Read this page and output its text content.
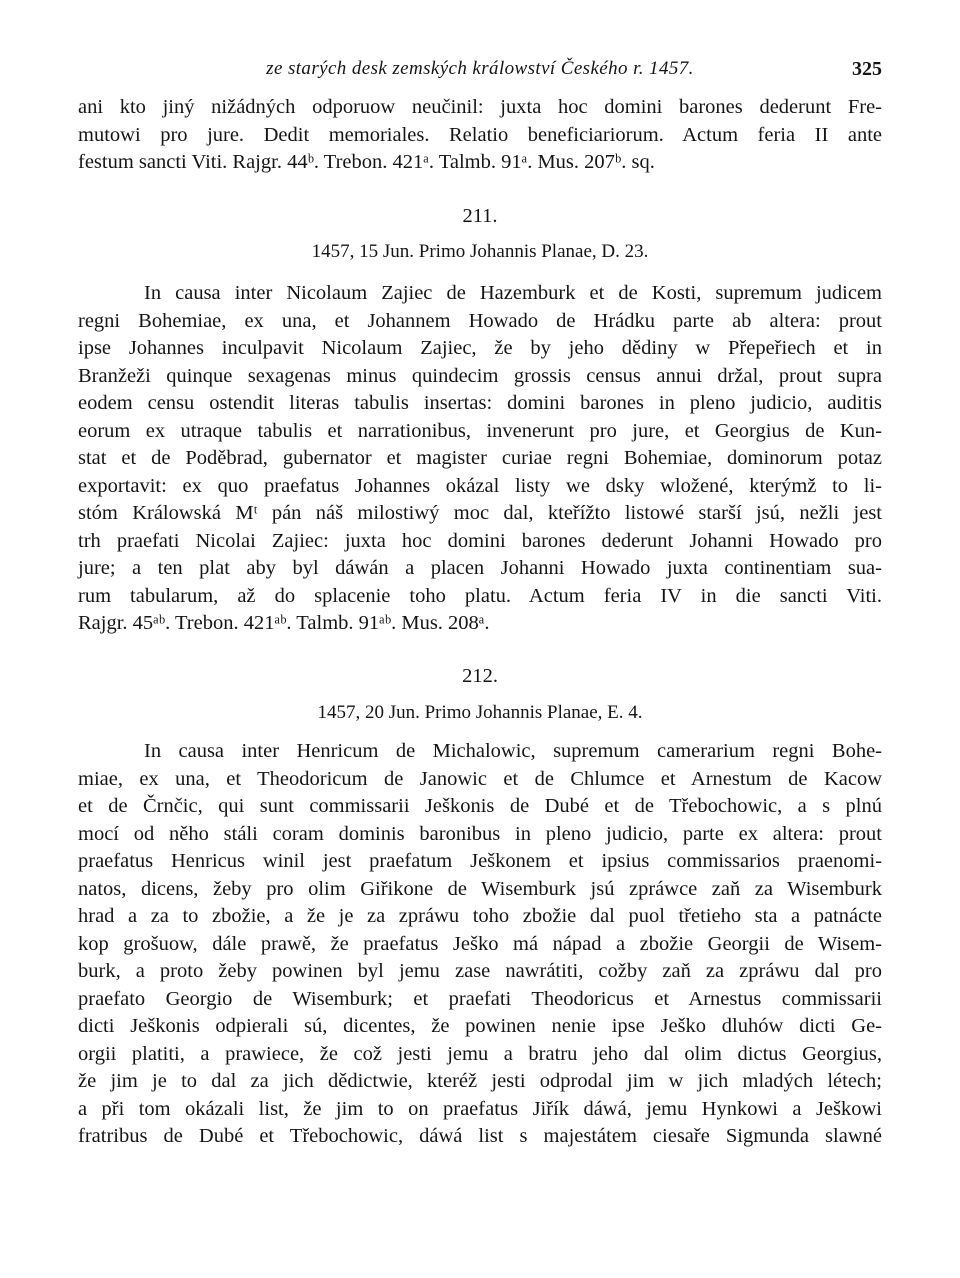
ze starých desk zemských králowství Českého r. 1457.	325
ani kto jiný nižádných odporuow neučinil: juxta hoc domini barones dederunt Fre-
mutowi pro jure. Dedit memoriales. Relatio beneficiariorum. Actum feria II ante
festum sancti Viti. Rajgr. 44ᵇ. Trebon. 421ᵃ. Talmb. 91ᵃ. Mus. 207ᵇ. sq.
211.
1457, 15 Jun. Primo Johannis Planae, D. 23.
In causa inter Nicolaum Zajiec de Hazemburk et de Kosti, supremum judicem
regni Bohemiae, ex una, et Johannem Howado de Hrádku parte ab altera: prout
ipse Johannes inculpavit Nicolaum Zajiec, že by jeho dědiny w Přepeřiech et in
Branžeži quinque sexagenas minus quindecim grossis census annui držal, prout supra
eodem censu ostendit literas tabulis insertas: domini barones in pleno judicio, auditis
eorum ex utraque tabulis et narrationibus, invenerunt pro jure, et Georgius de Kun-
stat et de Poděbrad, gubernator et magister curiae regni Bohemiae, dominorum potaz
exportavit: ex quo praefatus Johannes okázal listy we dsky wložené, kterýmž to li-
stóm Králowská Mᵗ pán náš milostiwý moc dal, kteřížto listowé starší jsú, nežli jest
trh praefati Nicolai Zajiec: juxta hoc domini barones dederunt Johanni Howado pro
jure; a ten plat aby byl dáwán a placen Johanni Howado juxta continentiam sua-
rum tabularum, až do splacenie toho platu. Actum feria IV in die sancti Viti.
Rajgr. 45ᵃᵇ. Trebon. 421ᵃᵇ. Talmb. 91ᵃᵇ. Mus. 208ᵃ.
212.
1457, 20 Jun. Primo Johannis Planae, E. 4.
In causa inter Henricum de Michalowic, supremum camerarium regni Bohe-
miae, ex una, et Theodoricum de Janowic et de Chlumce et Arnestum de Kacow
et de Črnčic, qui sunt commissarii Ješkonis de Dubé et de Třebochowic, a s plnú
mocí od něho stáli coram dominis baronibus in pleno judicio, parte ex altera: prout
praefatus Henricus winil jest praefatum Ješkonem et ipsius commissarios praenomi-
natos, dicens, žeby pro olim Giřikone de Wisemburk jsú zpráwce zaň za Wisemburk
hrad a za to zbožie, a že je za zpráwu toho zbožie dal puol třetieho sta a patnácte
kop grošuow, dále prawě, že praefatus Ješko má nápad a zbožie Georgii de Wisem-
burk, a proto žeby powinen byl jemu zase nawrátiti, cožby zaň za zpráwu dal pro
praefato Georgio de Wisemburk; et praefati Theodoricus et Arnestus commissarii
dicti Ješkonis odpierali sú, dicentes, že powinen nenie ipse Ješko dluhów dicti Ge-
orgii platiti, a prawiece, že což jesti jemu a bratru jeho dal olim dictus Georgius,
že jim je to dal za jich dědictwie, kteréž jesti odprodal jim w jich mladých létech;
a při tom okázali list, že jim to on praefatus Jiřík dáwá, jemu Hynkowi a Ješkowi
fratribus de Dubé et Třebochowic, dáwá list s majestátem ciesaře Sigmunda slawné
